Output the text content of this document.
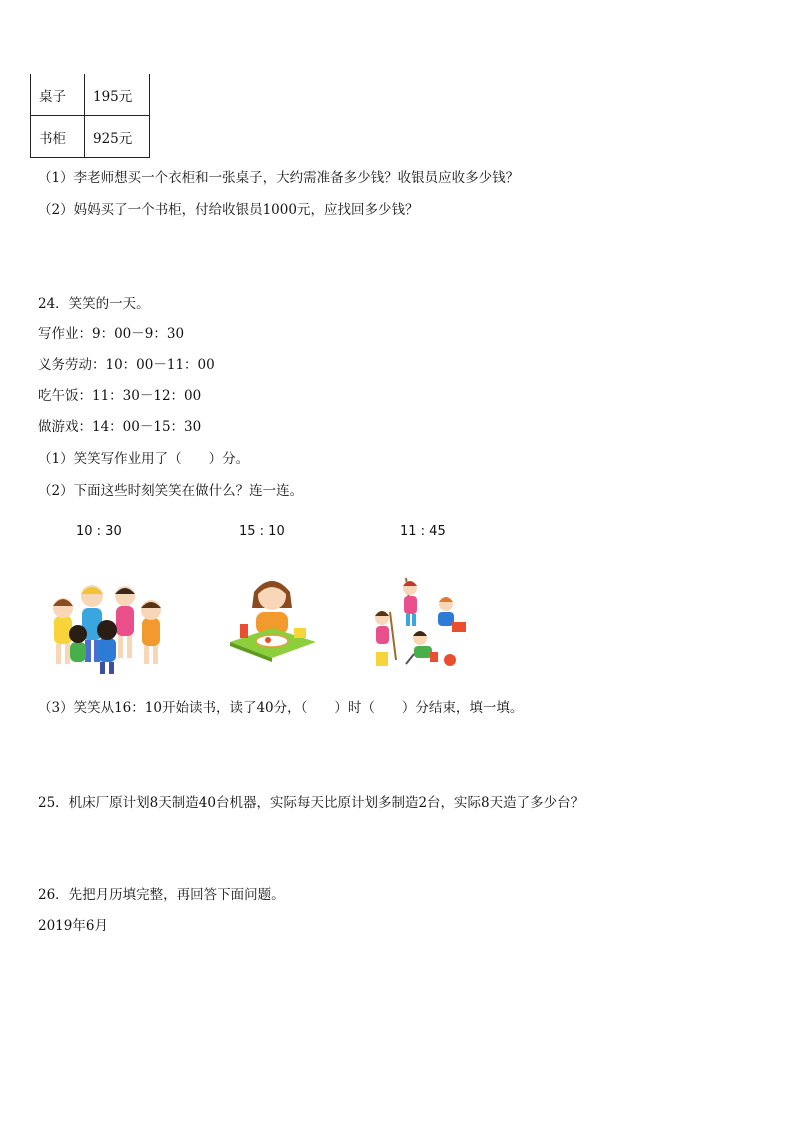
桌子	195元
书柜	925元
（1）李老师想买一个衣柜和一张桌子，大约需准备多少钱？收银员应收多少钱？
（2）妈妈买了一个书柜，付给收银员1000元，应找回多少钱？
24．笑笑的一天。
写作业：9：00－9：30
义务劳动：10：00－11：00
吃午饭：11：30－12：00
做游戏：14：00－15：30
（1）笑笑写作业用了（　　）分。
（2）下面这些时刻笑笑在做什么？连一连。
10 : 30	15 : 10	11 : 45
（3）笑笑从16：10开始读书，读了40分，（　　）时（　　）分结束，填一填。
25．机床厂原计划8天制造40台机器，实际每天比原计划多制造2台，实际8天造了多少台？
26．先把月历填完整，再回答下面问题。
2019年6月
